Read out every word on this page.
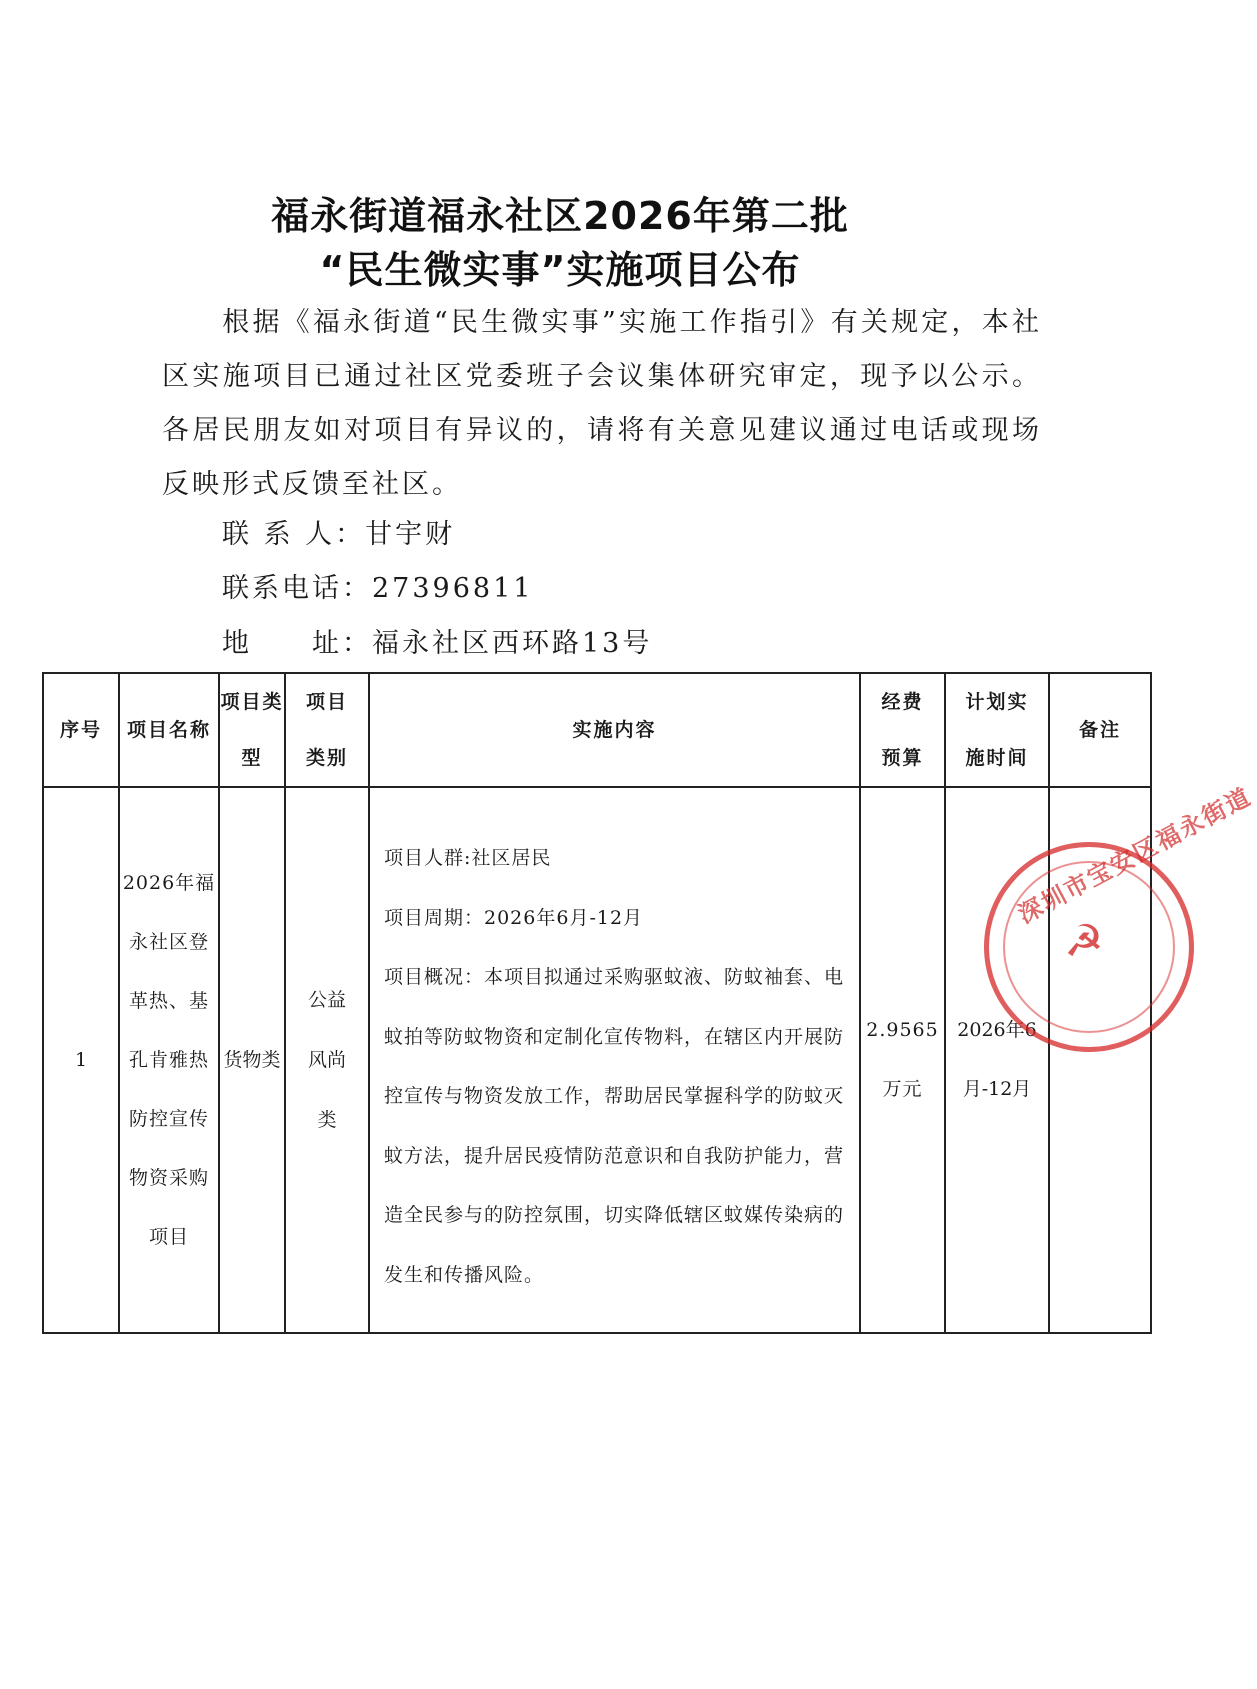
福永街道福永社区2026年第二批
“民生微实事”实施项目公布
根据《福永街道“民生微实事”实施工作指引》有关规定，本社区实施项目已通过社区党委班子会议集体研究审定，现予以公示。各居民朋友如对项目有异议的，请将有关意见建议通过电话或现场反映形式反馈至社区。
联 系 人：甘宇财
联系电话：27396811
地 址：福永社区西环路13号
序号	项目名称	项目类型	项目类别	实施内容	经费预算	计划实施时间	备注
1	2026年福永社区登革热、基孔肯雅热防控宣传物资采购项目	货物类	公益风尚类	项目人群:社区居民
项目周期：2026年6月-12月
项目概况：本项目拟通过采购驱蚊液、防蚊袖套、电蚊拍等防蚊物资和定制化宣传物料，在辖区内开展防控宣传与物资发放工作，帮助居民掌握科学的防蚊灭蚊方法，提升居民疫情防范意识和自我防护能力，营造全民参与的防控氛围，切实降低辖区蚊媒传染病的发生和传播风险。	2.9565万元	2026年6月-12月	
深圳市宝安区福永街道
☭
